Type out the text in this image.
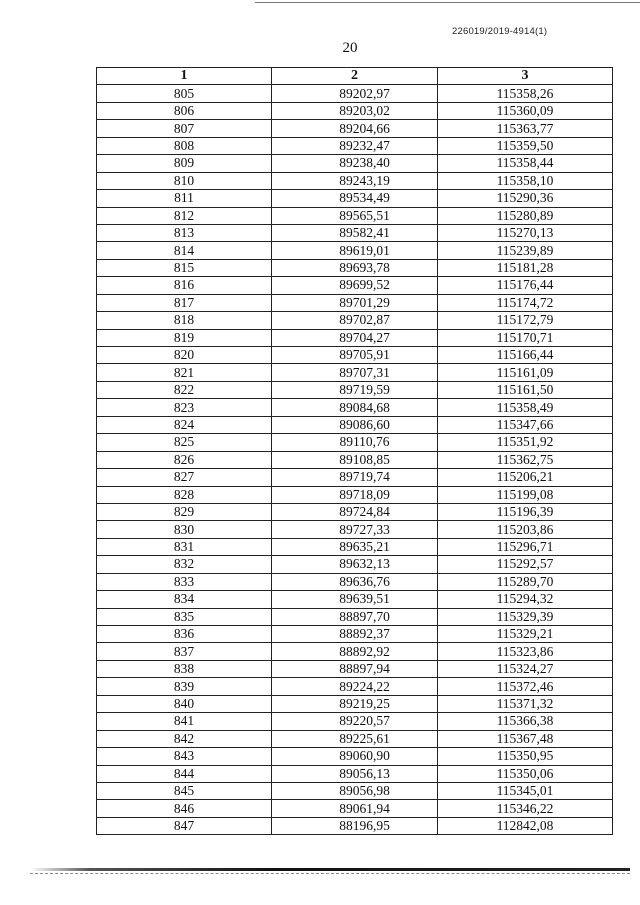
226019/2019-4914(1)
20
1	2	3
805	89202,97	115358,26
806	89203,02	115360,09
807	89204,66	115363,77
808	89232,47	115359,50
809	89238,40	115358,44
810	89243,19	115358,10
811	89534,49	115290,36
812	89565,51	115280,89
813	89582,41	115270,13
814	89619,01	115239,89
815	89693,78	115181,28
816	89699,52	115176,44
817	89701,29	115174,72
818	89702,87	115172,79
819	89704,27	115170,71
820	89705,91	115166,44
821	89707,31	115161,09
822	89719,59	115161,50
823	89084,68	115358,49
824	89086,60	115347,66
825	89110,76	115351,92
826	89108,85	115362,75
827	89719,74	115206,21
828	89718,09	115199,08
829	89724,84	115196,39
830	89727,33	115203,86
831	89635,21	115296,71
832	89632,13	115292,57
833	89636,76	115289,70
834	89639,51	115294,32
835	88897,70	115329,39
836	88892,37	115329,21
837	88892,92	115323,86
838	88897,94	115324,27
839	89224,22	115372,46
840	89219,25	115371,32
841	89220,57	115366,38
842	89225,61	115367,48
843	89060,90	115350,95
844	89056,13	115350,06
845	89056,98	115345,01
846	89061,94	115346,22
847	88196,95	112842,08
